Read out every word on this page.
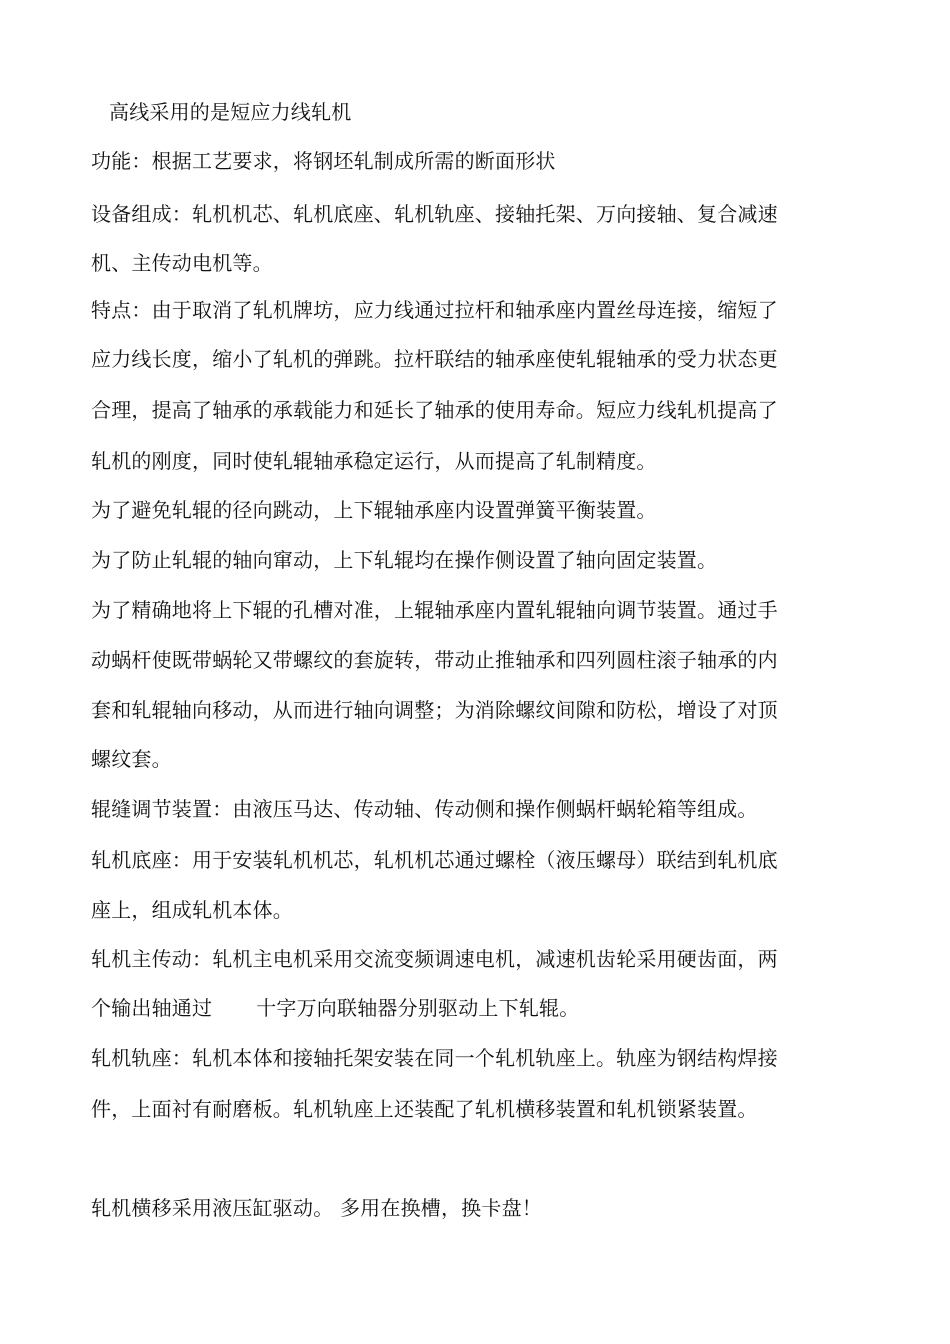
高线采用的是短应力线轧机
功能：根据工艺要求，将钢坯轧制成所需的断面形状
设备组成：轧机机芯、轧机底座、轧机轨座、接轴托架、万向接轴、复合减速
机、主传动电机等。
特点：由于取消了轧机牌坊，应力线通过拉杆和轴承座内置丝母连接，缩短了
应力线长度，缩小了轧机的弹跳。拉杆联结的轴承座使轧辊轴承的受力状态更
合理，提高了轴承的承载能力和延长了轴承的使用寿命。短应力线轧机提高了
轧机的刚度，同时使轧辊轴承稳定运行，从而提高了轧制精度。
为了避免轧辊的径向跳动，上下辊轴承座内设置弹簧平衡装置。
为了防止轧辊的轴向窜动，上下轧辊均在操作侧设置了轴向固定装置。
为了精确地将上下辊的孔槽对准，上辊轴承座内置轧辊轴向调节装置。通过手
动蜗杆使既带蜗轮又带螺纹的套旋转，带动止推轴承和四列圆柱滚子轴承的内
套和轧辊轴向移动，从而进行轴向调整；为消除螺纹间隙和防松，增设了对顶
螺纹套。
辊缝调节装置：由液压马达、传动轴、传动侧和操作侧蜗杆蜗轮箱等组成。
轧机底座：用于安装轧机机芯，轧机机芯通过螺栓（液压螺母）联结到轧机底
座上，组成轧机本体。
轧机主传动：轧机主电机采用交流变频调速电机，减速机齿轮采用硬齿面，两
个输出轴通过 十字万向联轴器分别驱动上下轧辊。
轧机轨座：轧机本体和接轴托架安装在同一个轧机轨座上。轨座为钢结构焊接
件，上面衬有耐磨板。轧机轨座上还装配了轧机横移装置和轧机锁紧装置。
轧机横移采用液压缸驱动。 多用在换槽，换卡盘！
